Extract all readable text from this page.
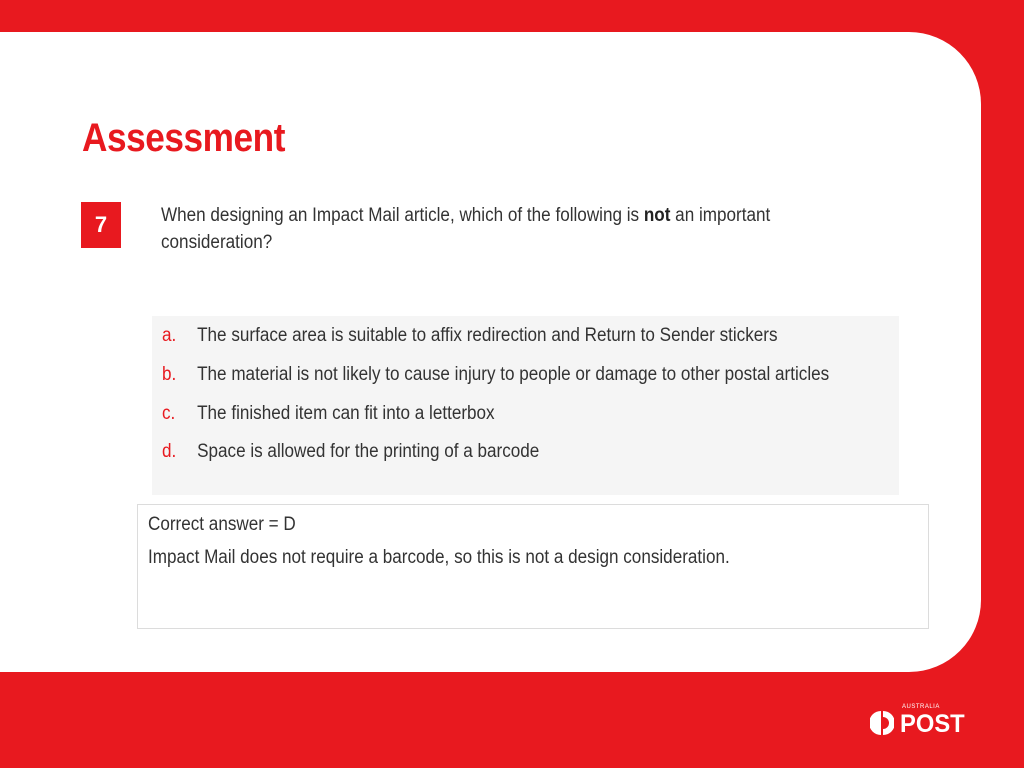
Assessment
7	When designing an Impact Mail article, which of the following is not an important consideration?
a. The surface area is suitable to affix redirection and Return to Sender stickers
b. The material is not likely to cause injury to people or damage to other postal articles
c. The finished item can fit into a letterbox
d. Space is allowed for the printing of a barcode
Correct answer = D
Impact Mail does not require a barcode, so this is not a design consideration.
AUSTRALIA
POST
